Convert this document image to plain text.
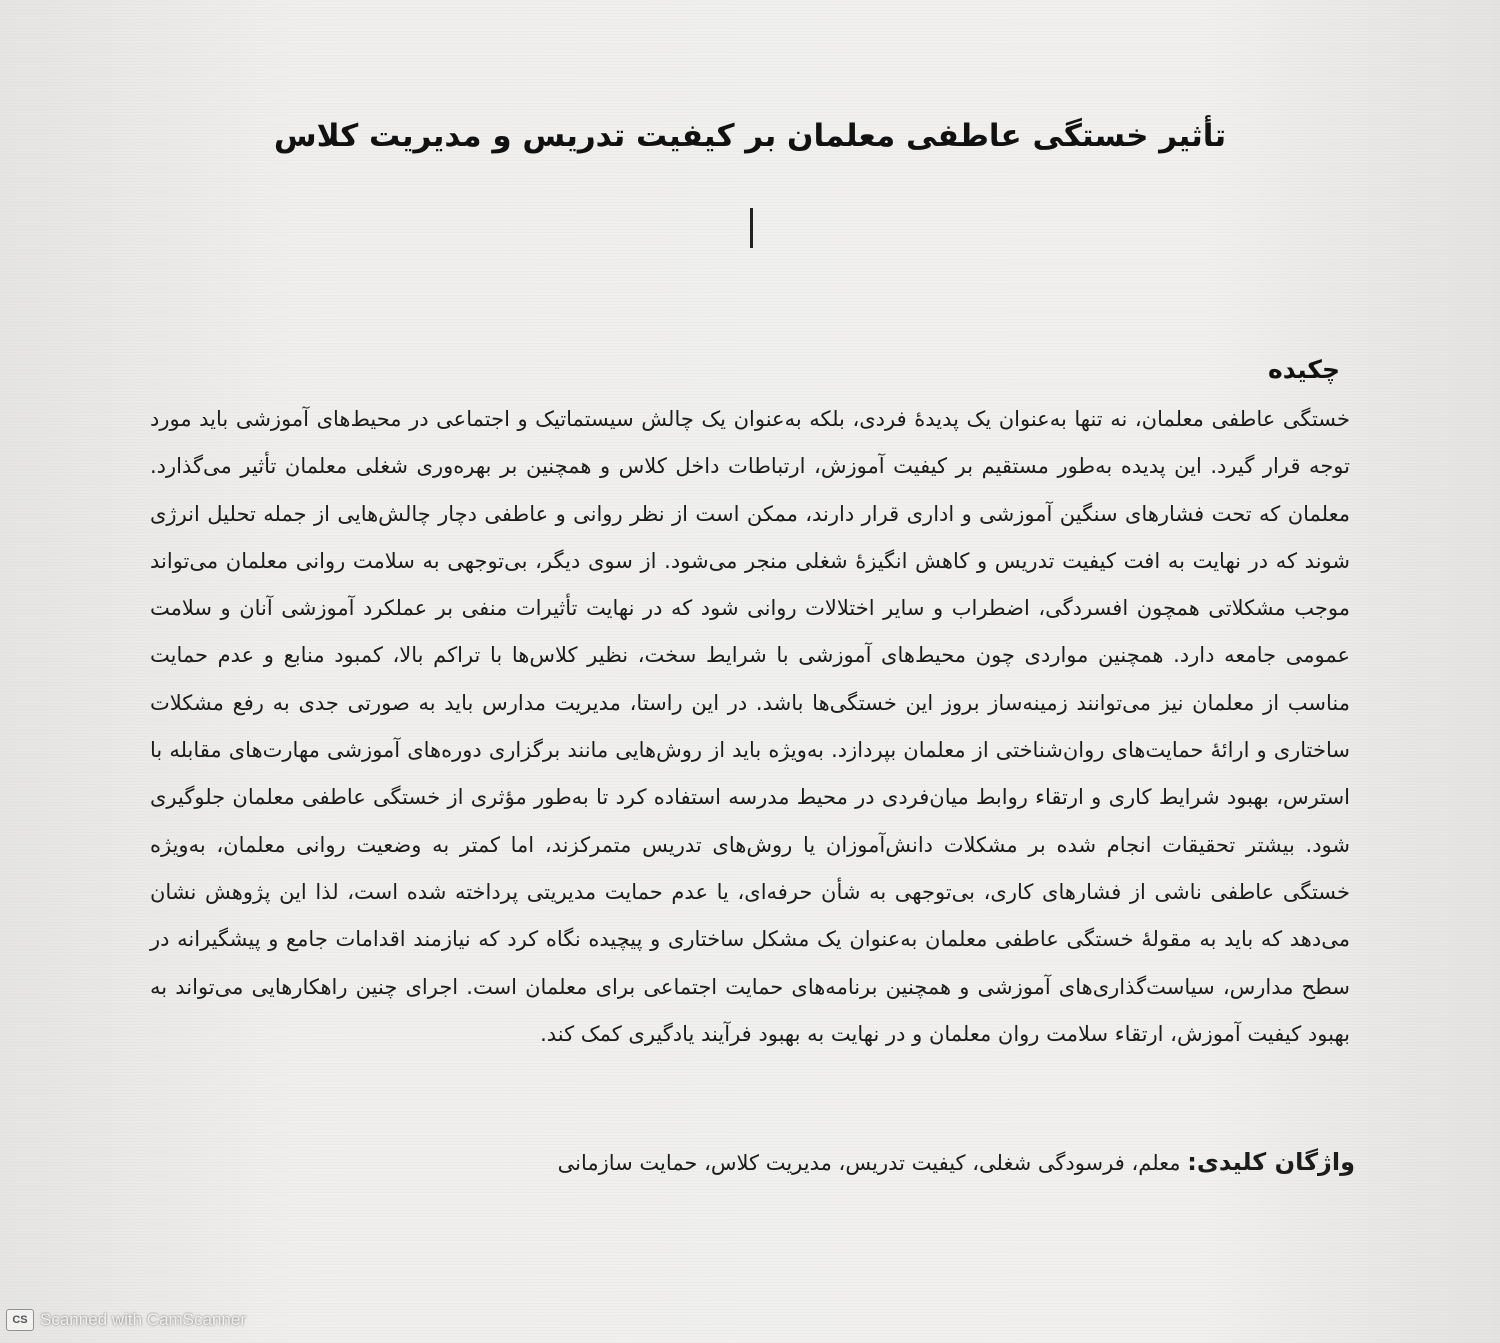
تأثیر خستگی عاطفی معلمان بر کیفیت تدریس و مدیریت کلاس
چکیده

خستگی عاطفی معلمان، نه تنها به‌عنوان یک پدیدهٔ فردی، بلکه به‌عنوان یک چالش سیستماتیک و اجتماعی در محیط‌های آموزشی باید مورد توجه قرار گیرد. این پدیده به‌طور مستقیم بر کیفیت آموزش، ارتباطات داخل کلاس و همچنین بر بهره‌وری شغلی معلمان تأثیر می‌گذارد. معلمان که تحت فشارهای سنگین آموزشی و اداری قرار دارند، ممکن است از نظر روانی و عاطفی دچار چالش‌هایی از جمله تحلیل انرژی شوند که در نهایت به افت کیفیت تدریس و کاهش انگیزهٔ شغلی منجر می‌شود. از سوی دیگر، بی‌توجهی به سلامت روانی معلمان می‌تواند موجب مشکلاتی همچون افسردگی، اضطراب و سایر اختلالات روانی شود که در نهایت تأثیرات منفی بر عملکرد آموزشی آنان و سلامت عمومی جامعه دارد. همچنین مواردی چون محیط‌های آموزشی با شرایط سخت، نظیر کلاس‌ها با تراکم بالا، کمبود منابع و عدم حمایت مناسب از معلمان نیز می‌توانند زمینه‌ساز بروز این خستگی‌ها باشد. در این راستا، مدیریت مدارس باید به صورتی جدی به رفع مشکلات ساختاری و ارائهٔ حمایت‌های روان‌شناختی از معلمان بپردازد. به‌ویژه باید از روش‌هایی مانند برگزاری دوره‌های آموزشی مهارت‌های مقابله با استرس، بهبود شرایط کاری و ارتقاء روابط میان‌فردی در محیط مدرسه استفاده کرد تا به‌طور مؤثری از خستگی عاطفی معلمان جلوگیری شود. بیشتر تحقیقات انجام شده بر مشکلات دانش‌آموزان یا روش‌های تدریس متمرکزند، اما کمتر به وضعیت روانی معلمان، به‌ویژه خستگی عاطفی ناشی از فشارهای کاری، بی‌توجهی به شأن حرفه‌ای، یا عدم حمایت مدیریتی پرداخته شده است، لذا این پژوهش نشان می‌دهد که باید به مقولهٔ خستگی عاطفی معلمان به‌عنوان یک مشکل ساختاری و پیچیده نگاه کرد که نیازمند اقدامات جامع و پیشگیرانه در سطح مدارس، سیاست‌گذاری‌های آموزشی و همچنین برنامه‌های حمایت اجتماعی برای معلمان است. اجرای چنین راهکارهایی می‌تواند به بهبود کیفیت آموزش، ارتقاء سلامت روان معلمان و در نهایت به بهبود فرآیند یادگیری کمک کند.

واژگان کلیدی: معلم، فرسودگی شغلی، کیفیت تدریس، مدیریت کلاس، حمایت سازمانی

CS Scanned with CamScanner
